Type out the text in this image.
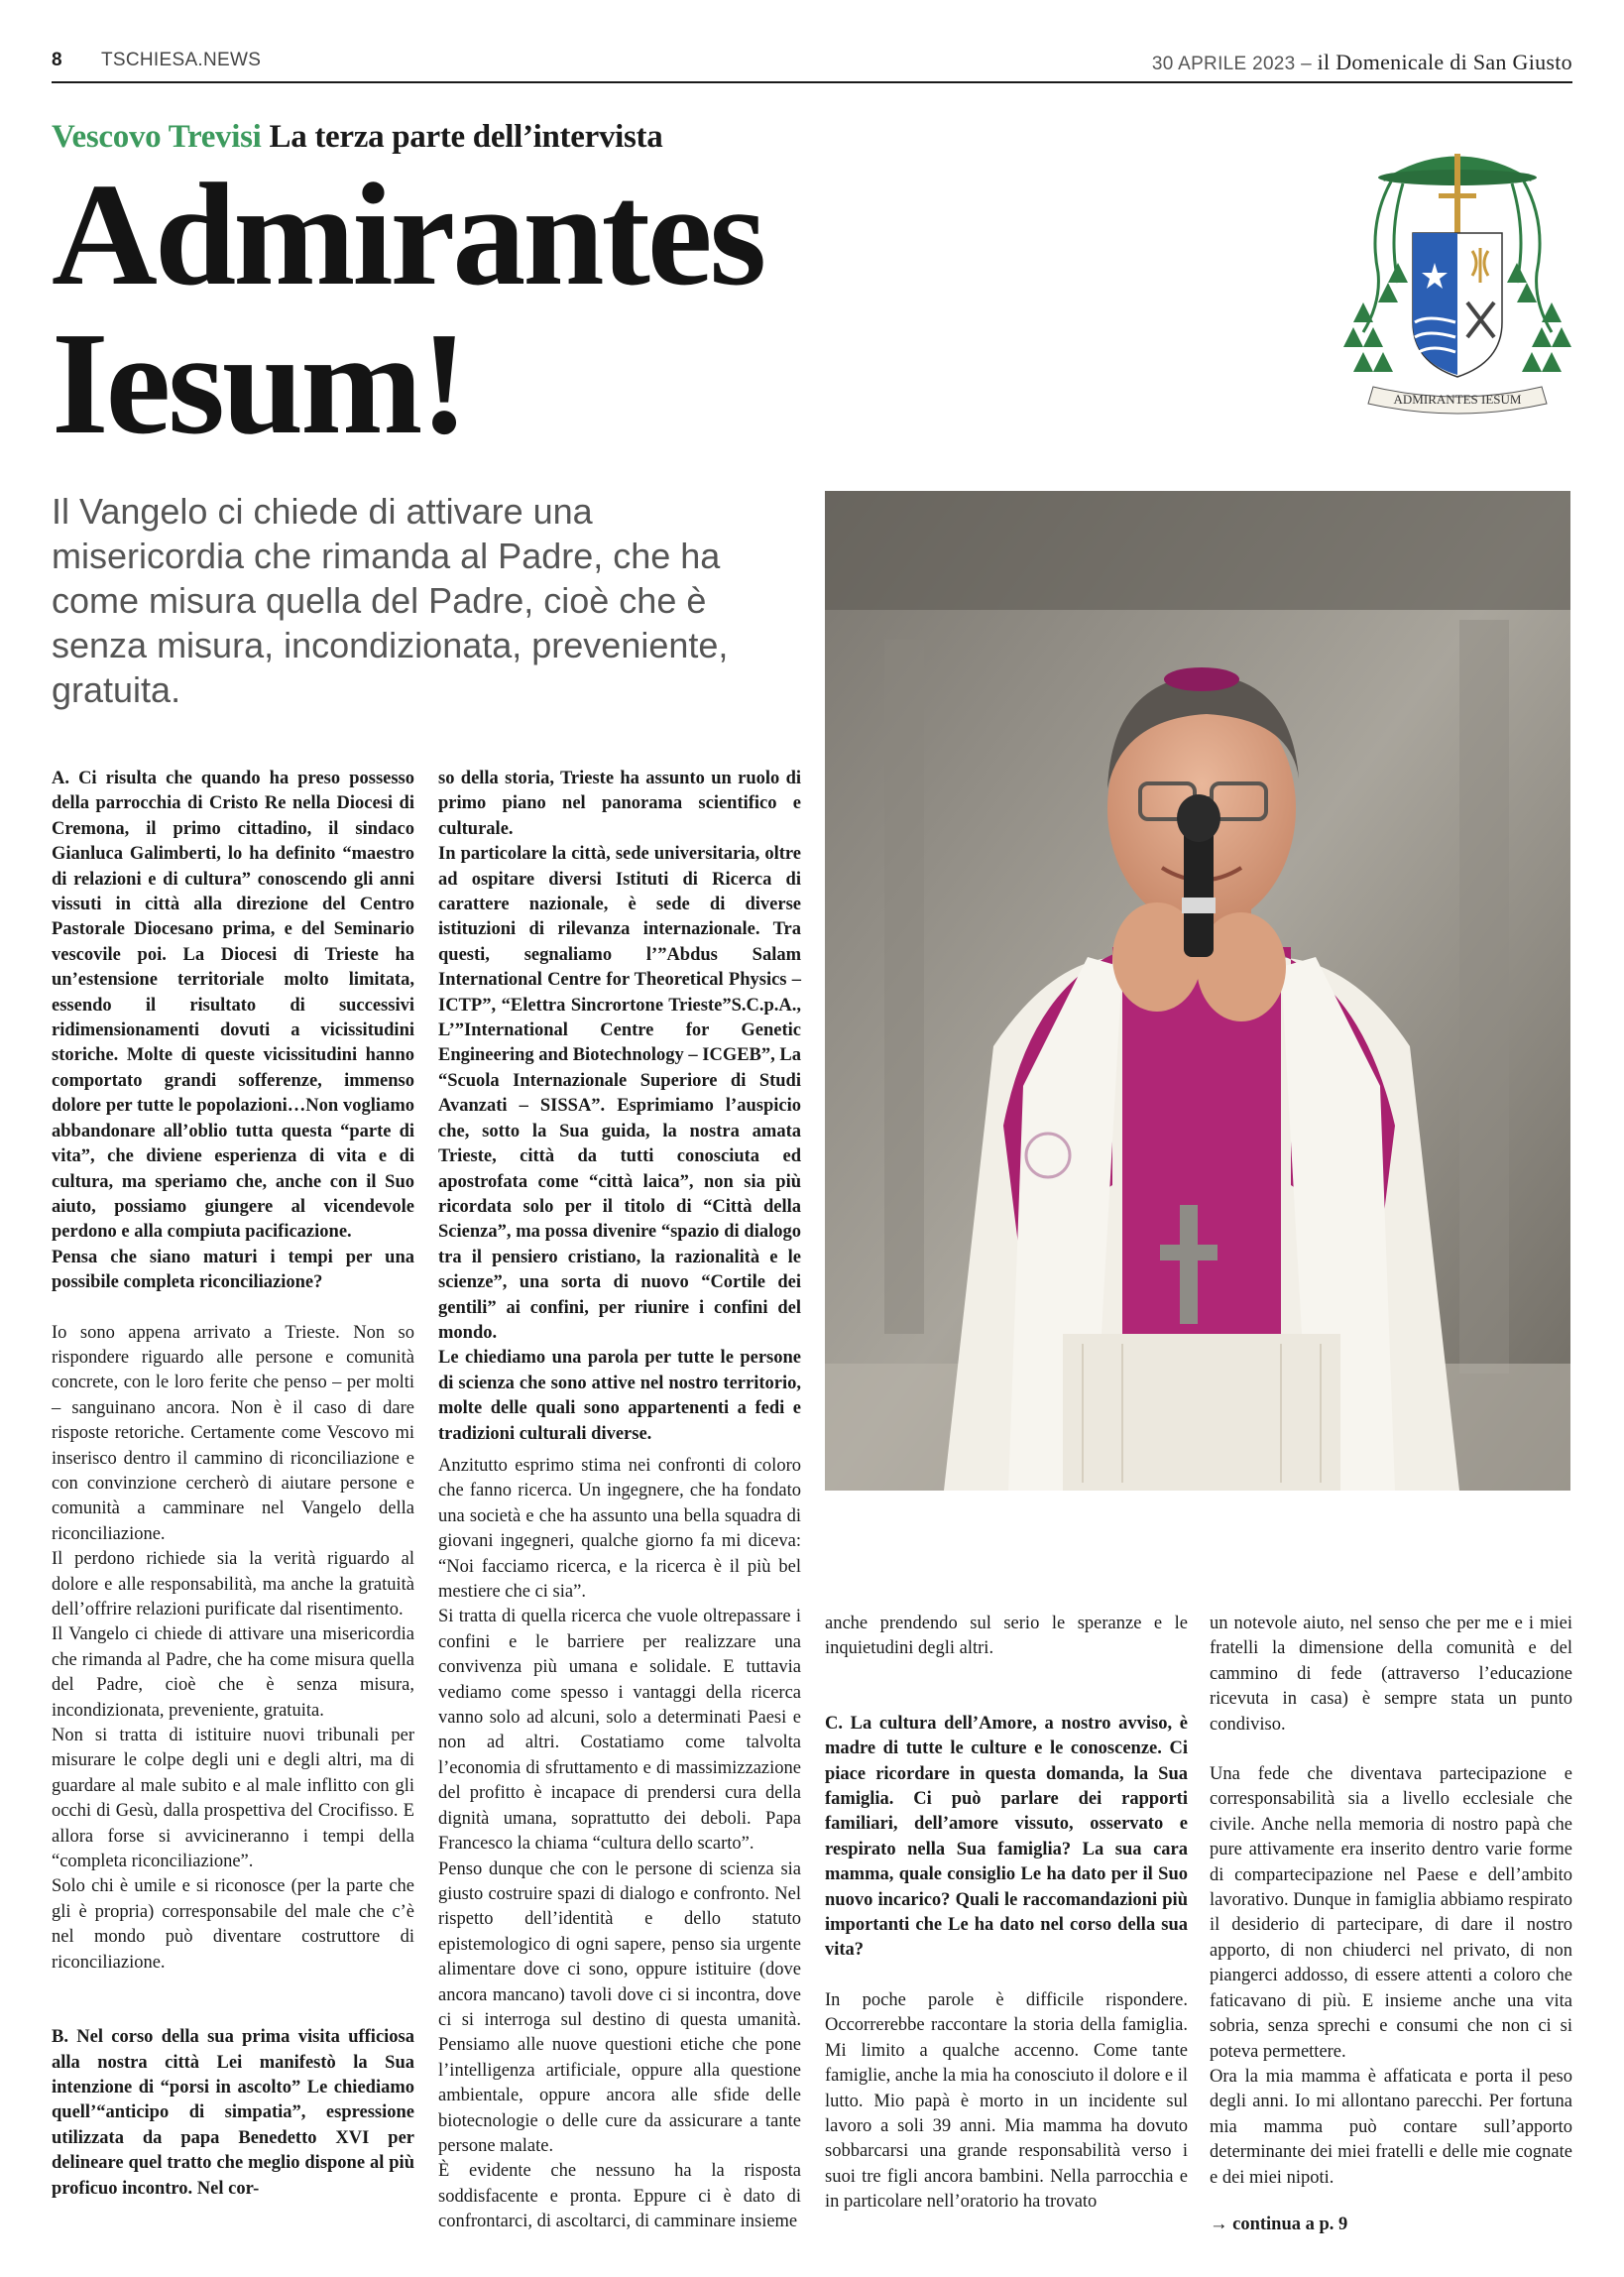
8 TSCHIESA.NEWS	30 APRILE 2023 – il Domenicale di San Giusto
Vescovo Trevisi La terza parte dell’intervista
Admirantes
Iesum!	ADMIRANTES IESUM
Il Vangelo ci chiede di attivare una misericordia che rimanda al Padre, che ha come misura quella del Padre, cioè che è senza misura, incondizionata, preveniente, gratuita.

A. Ci risulta che quando ha preso possesso della parrocchia di Cristo Re nella Diocesi di Cremona, il primo cittadino, il sindaco Gianluca Galimberti, lo ha definito “maestro di relazioni e di cultura” conoscendo gli anni vissuti in città alla direzione del Centro Pastorale Diocesano prima, e del Seminario vescovile poi. La Diocesi di Trieste ha un’estensione territoriale molto limitata, essendo il risultato di successivi ridimensionamenti dovuti a vicissitudini storiche. Molte di queste vicissitudini hanno comportato grandi sofferenze, immenso dolore per tutte le popolazioni…Non vogliamo abbandonare all’oblio tutta questa “parte di vita”, che diviene esperienza di vita e di cultura, ma speriamo che, anche con il Suo aiuto, possiamo giungere al vicendevole perdono e alla compiuta pacificazione.

Pensa che siano maturi i tempi per una possibile completa riconciliazione?

Io sono appena arrivato a Trieste. Non so rispondere riguardo alle persone e comunità concrete, con le loro ferite che penso – per molti – sanguinano ancora. Non è il caso di dare risposte retoriche. Certamente come Vescovo mi inserisco dentro il cammino di riconciliazione e con convinzione cercherò di aiutare persone e comunità a camminare nel Vangelo della riconciliazione.

Il perdono richiede sia la verità riguardo al dolore e alle responsabilità, ma anche la gratuità dell’offrire relazioni purificate dal risentimento.

Il Vangelo ci chiede di attivare una misericordia che rimanda al Padre, che ha come misura quella del Padre, cioè che è senza misura, incondizionata, preveniente, gratuita.

Non si tratta di istituire nuovi tribunali per misurare le colpe degli uni e degli altri, ma di guardare al male subito e al male inflitto con gli occhi di Gesù, dalla prospettiva del Crocifisso. E allora forse si avvicineranno i tempi della “completa riconciliazione”.

Solo chi è umile e si riconosce (per la parte che gli è propria) corresponsabile del male che c’è nel mondo può diventare costruttore di riconciliazione.

B. Nel corso della sua prima visita ufficiosa alla nostra città Lei manifestò la Sua intenzione di “porsi in ascolto” Le chiediamo quell’“anticipo di simpatia”, espressione utilizzata da papa Benedetto XVI per delineare quel tratto che meglio dispone al più proficuo incontro. Nel cor-

so della storia, Trieste ha assunto un ruolo di primo piano nel panorama scientifico e culturale.

In particolare la città, sede universitaria, oltre ad ospitare diversi Istituti di Ricerca di carattere nazionale, è sede di diverse istituzioni di rilevanza internazionale. Tra questi, segnaliamo l’”Abdus Salam International Centre for Theoretical Physics – ICTP”, “Elettra Sincrortone Trieste”S.C.p.A., L’”International Centre for Genetic Engineering and Biotechnology – ICGEB”, La “Scuola Internazionale Superiore di Studi Avanzati – SISSA”. Esprimiamo l’auspicio che, sotto la Sua guida, la nostra amata Trieste, città da tutti conosciuta ed apostrofata come “città laica”, non sia più ricordata solo per il titolo di “Città della Scienza”, ma possa divenire “spazio di dialogo tra il pensiero cristiano, la razionalità e le scienze”, una sorta di nuovo “Cortile dei gentili” ai confini, per riunire i confini del mondo.

Le chiediamo una parola per tutte le persone di scienza che sono attive nel nostro territorio, molte delle quali sono appartenenti a fedi e tradizioni culturali diverse.

Anzitutto esprimo stima nei confronti di coloro che fanno ricerca. Un ingegnere, che ha fondato una società e che ha assunto una bella squadra di giovani ingegneri, qualche giorno fa mi diceva: “Noi facciamo ricerca, e la ricerca è il più bel mestiere che ci sia”.

Si tratta di quella ricerca che vuole oltrepassare i confini e le barriere per realizzare una convivenza più umana e solidale. E tuttavia vediamo come spesso i vantaggi della ricerca vanno solo ad alcuni, solo a determinati Paesi e non ad altri. Costatiamo come talvolta l’economia di sfruttamento e di massimizzazione del profitto è incapace di prendersi cura della dignità umana, soprattutto dei deboli. Papa Francesco la chiama “cultura dello scarto”.

Penso dunque che con le persone di scienza sia giusto costruire spazi di dialogo e confronto. Nel rispetto dell’identità e dello statuto epistemologico di ogni sapere, penso sia urgente alimentare dove ci sono, oppure istituire (dove ancora mancano) tavoli dove ci si incontra, dove ci si interroga sul destino di questa umanità. Pensiamo alle nuove questioni etiche che pone l’intelligenza artificiale, oppure alla questione ambientale, oppure ancora alle sfide delle biotecnologie o delle cure da assicurare a tante persone malate.

È evidente che nessuno ha la risposta soddisfacente e pronta. Eppure ci è dato di confrontarci, di ascoltarci, di camminare insieme

anche prendendo sul serio le speranze e le inquietudini degli altri.

C. La cultura dell’Amore, a nostro avviso, è madre di tutte le culture e le conoscenze. Ci piace ricordare in questa domanda, la Sua famiglia. Ci può parlare dei rapporti familiari, dell’amore vissuto, osservato e respirato nella Sua famiglia? La sua cara mamma, quale consiglio Le ha dato per il Suo nuovo incarico? Quali le raccomandazioni più importanti che Le ha dato nel corso della sua vita?

In poche parole è difficile rispondere. Occorrerebbe raccontare la storia della famiglia. Mi limito a qualche accenno. Come tante famiglie, anche la mia ha conosciuto il dolore e il lutto. Mio papà è morto in un incidente sul lavoro a soli 39 anni. Mia mamma ha dovuto sobbarcarsi una grande responsabilità verso i suoi tre figli ancora bambini. Nella parrocchia e in particolare nell’oratorio ha trovato

un notevole aiuto, nel senso che per me e i miei fratelli la dimensione della comunità e del cammino di fede (attraverso l’educazione ricevuta in casa) è sempre stata un punto condiviso.

Una fede che diventava partecipazione e corresponsabilità sia a livello ecclesiale che civile. Anche nella memoria di nostro papà che pure attivamente era inserito dentro varie forme di compartecipazione nel Paese e dell’ambito lavorativo. Dunque in famiglia abbiamo respirato il desiderio di partecipare, di dare il nostro apporto, di non chiuderci nel privato, di non piangerci addosso, di essere attenti a coloro che faticavano di più. E insieme anche una vita sobria, senza sprechi e consumi che non ci si poteva permettere.

Ora la mia mamma è affaticata e porta il peso degli anni. Io mi allontano parecchi. Per fortuna mia mamma può contare sull’apporto determinante dei miei fratelli e delle mie cognate e dei miei nipoti.

→ continua a p. 9
